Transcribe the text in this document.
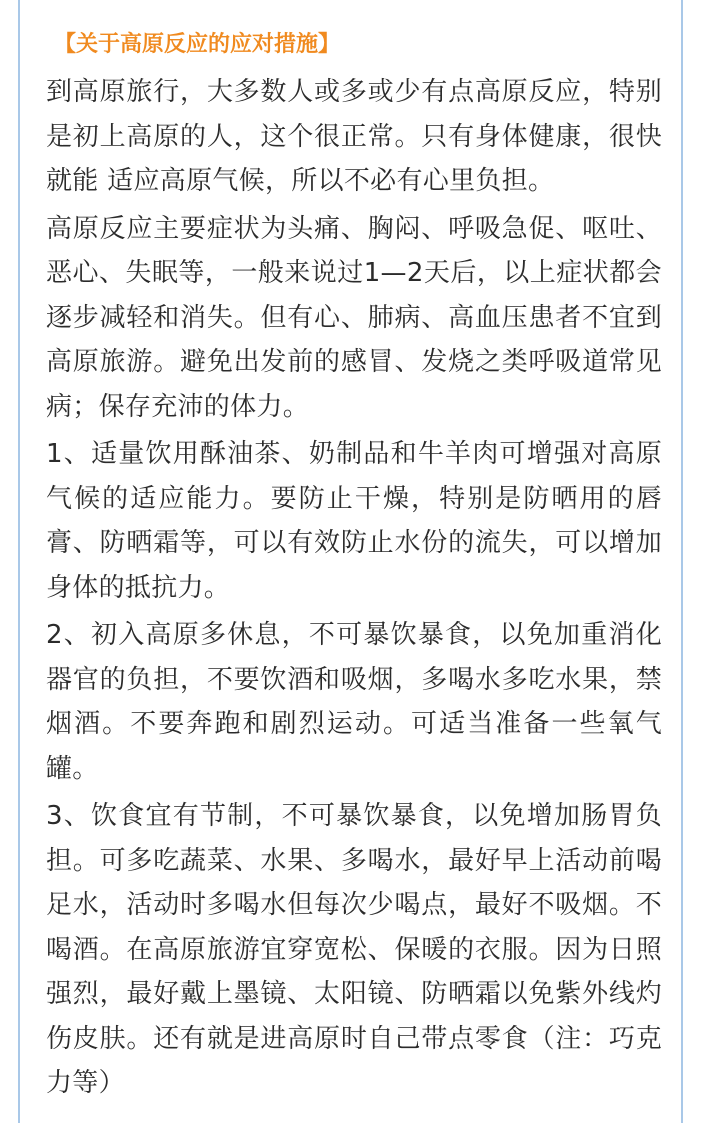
【关于高原反应的应对措施】

到高原旅行，大多数人或多或少有点高原反应，特别是初上高原的人，这个很正常。只有身体健康，很快就能 适应高原气候，所以不必有心里负担。

高原反应主要症状为头痛、胸闷、呼吸急促、呕吐、恶心、失眠等，一般来说过1—2天后，以上症状都会逐步减轻和消失。但有心、肺病、高血压患者不宜到高原旅游。避免出发前的感冒、发烧之类呼吸道常见病；保存充沛的体力。

1、适量饮用酥油茶、奶制品和牛羊肉可增强对高原气候的适应能力。要防止干燥，特别是防晒用的唇膏、防晒霜等，可以有效防止水份的流失，可以增加身体的抵抗力。

2、初入高原多休息，不可暴饮暴食，以免加重消化器官的负担，不要饮酒和吸烟，多喝水多吃水果，禁烟酒。不要奔跑和剧烈运动。可适当准备一些氧气罐。

3、饮食宜有节制，不可暴饮暴食，以免增加肠胃负担。可多吃蔬菜、水果、多喝水，最好早上活动前喝足水，活动时多喝水但每次少喝点，最好不吸烟。不喝酒。在高原旅游宜穿宽松、保暖的衣服。因为日照强烈，最好戴上墨镜、太阳镜、防晒霜以免紫外线灼伤皮肤。还有就是进高原时自己带点零食（注：巧克力等）
